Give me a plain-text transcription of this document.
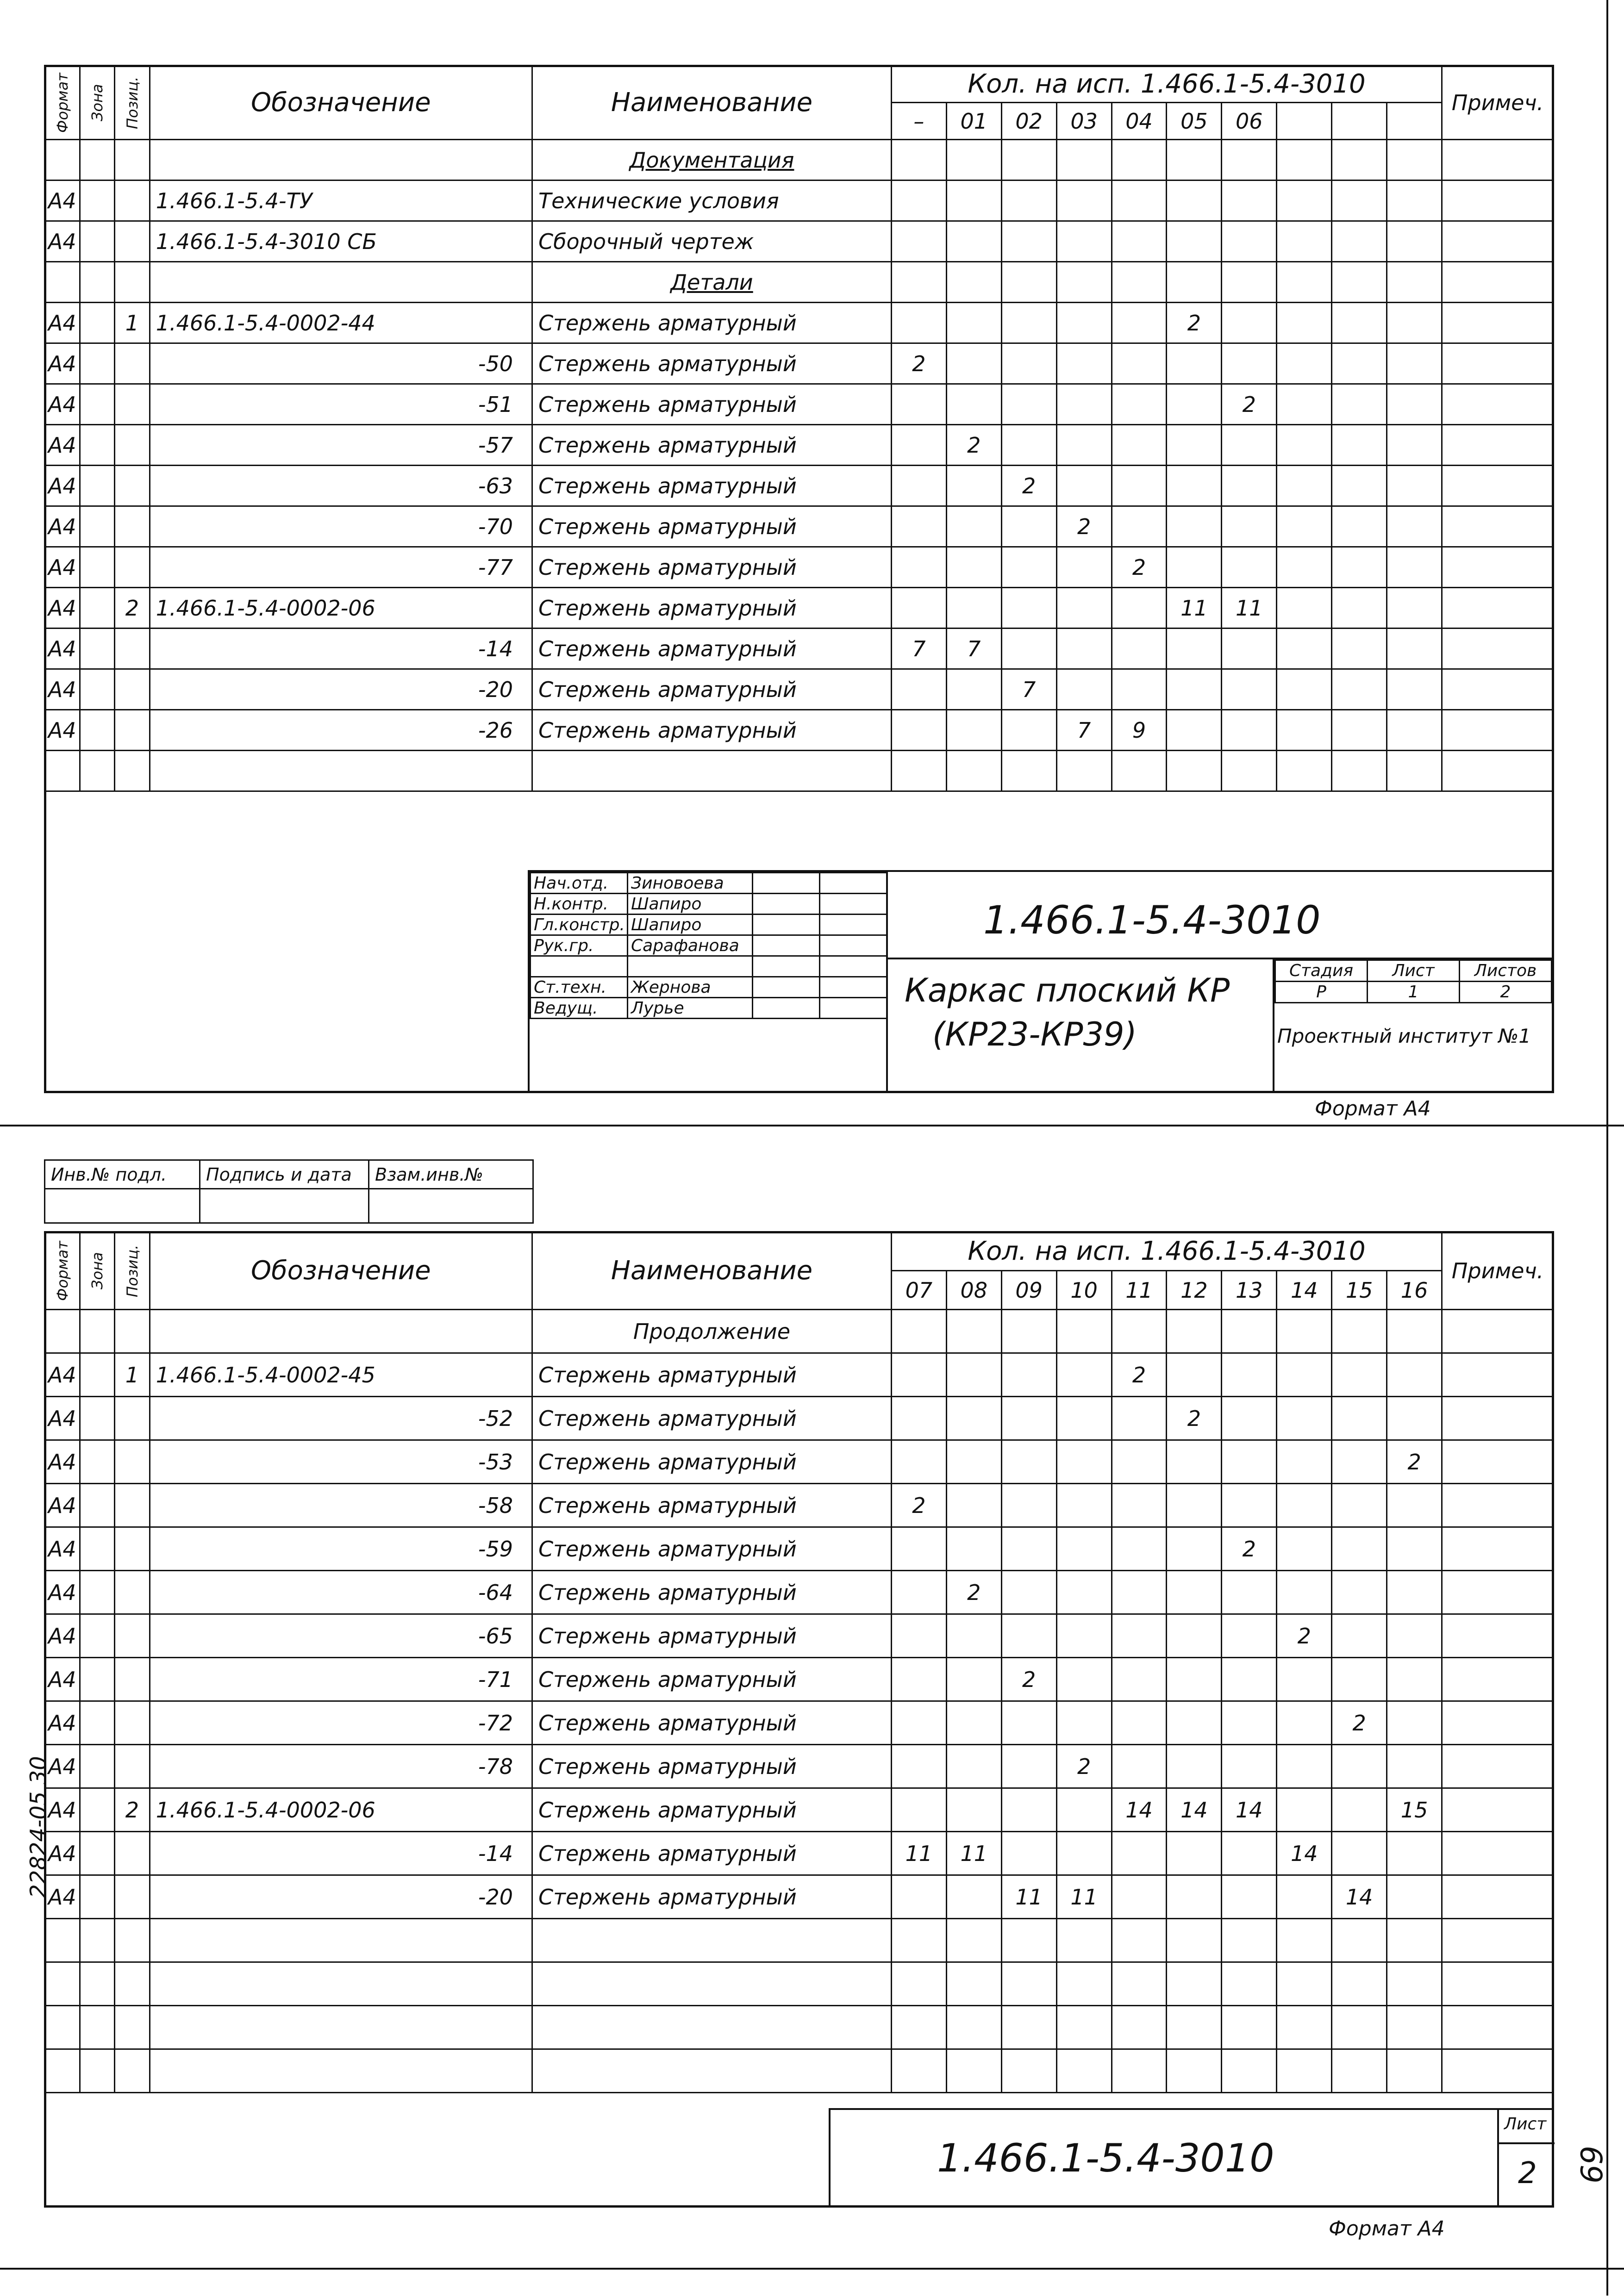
Формат	Зона	Позиц.	Обозначение	Наименование	Кол. на исп. 1.466.1-5.4-3010										Примеч.
					–	01	02	03	04	05	06				
				Документация											
А4			1.466.1-5.4-ТУ	Технические условия											
А4			1.466.1-5.4-3010 СБ	Сборочный чертеж											
				Детали											
А4		1	1.466.1-5.4-0002-44	Стержень арматурный						2					
А4			-50	Стержень арматурный	2										
А4			-51	Стержень арматурный							2				
А4			-57	Стержень арматурный		2									
А4			-63	Стержень арматурный			2								
А4			-70	Стержень арматурный				2							
А4			-77	Стержень арматурный					2						
А4		2	1.466.1-5.4-0002-06	Стержень арматурный						11	11				
А4			-14	Стержень арматурный	7	7									
А4			-20	Стержень арматурный			7								
А4			-26	Стержень арматурный				7	9						

Нач.отд.	Зиновоева		
Н.контр.	Шапиро		
Гл.констр.	Шапиро		
Рук.гр.	Сарафанова		

Ст.техн.	Жернова		
Ведущ.	Лурье		
1.466.1-5.4-3010
Каркас плоский КР
(КР23-КР39)
Стадия	Лист	Листов
Р	1	2
Проектный институт №1
Формат А4
Инв.№ подл.	Подпись и дата	Взам.инв.№

Формат	Зона	Позиц.	Обозначение	Наименование	Кол. на исп. 1.466.1-5.4-3010										Примеч.
					07	08	09	10	11	12	13	14	15	16	
				Продолжение											
А4		1	1.466.1-5.4-0002-45	Стержень арматурный					2						
А4			-52	Стержень арматурный						2					
А4			-53	Стержень арматурный										2	
А4			-58	Стержень арматурный	2										
А4			-59	Стержень арматурный							2				
А4			-64	Стержень арматурный		2									
А4			-65	Стержень арматурный								2			
А4			-71	Стержень арматурный			2								
А4			-72	Стержень арматурный									2		
А4			-78	Стержень арматурный				2							
А4		2	1.466.1-5.4-0002-06	Стержень арматурный					14	14	14			15	
А4			-14	Стержень арматурный	11	11						14			
А4			-20	Стержень арматурный			11	11					14		

1.466.1-5.4-3010
Лист
2
Формат А4
22824-05 30
69
